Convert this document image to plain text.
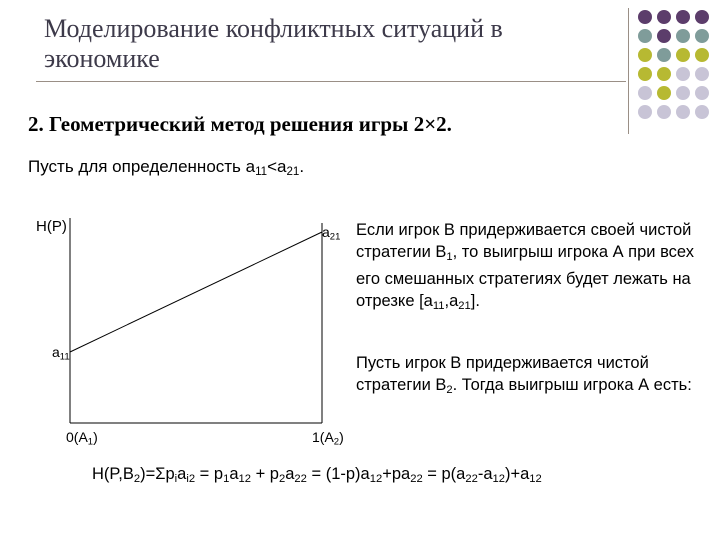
Моделирование конфликтных ситуаций в экономике
2. Геометрический метод решения игры 2×2.
Пусть для определенность $a_{11}<a_{21}$.
H(P)	$a_{21}$
$a_{11}$
$0(A_1)$	$1(A_2)$
Если игрок В придерживается своей чистой стратегии $В_1$, то выигрыш игрока А при всех его смешанных стратегиях будет лежать на отрезке $[a_{11},a_{21}]$.
Пусть игрок В придерживается чистой стратегии $В_2$. Тогда выигрыш игрока А есть:
$H(P,B_2)=\Sigma p_ia_{i2} = p_1a_{12} + p_2a_{22} = (1-p)a_{12}+pa_{22} = p(a_{22}-a_{12})+a_{12}$
